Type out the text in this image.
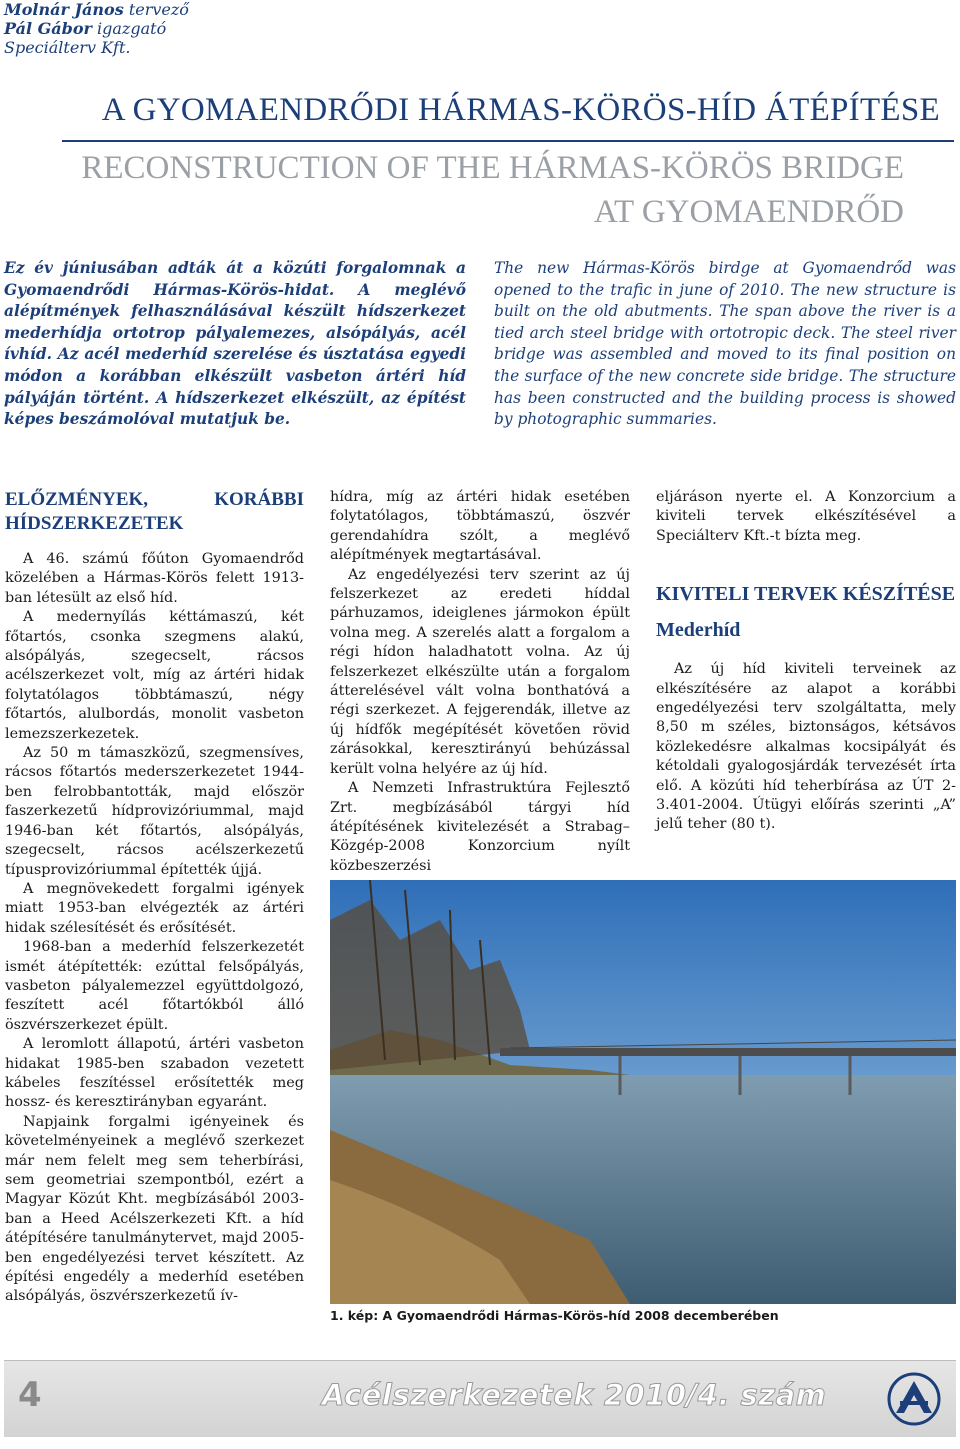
Molnár János tervező
Pál Gábor igazgató
Speciálterv Kft.
A GYOMAENDRŐDI HÁRMAS-KÖRÖS-HÍD ÁTÉPÍTÉSE
RECONSTRUCTION OF THE HÁRMAS-KÖRÖS BRIDGE
AT GYOMAENDRŐD
Ez év júniusában adták át a közúti forgalomnak a Gyomaendrődi Hármas-Körös-hidat. A meglévő alépítmények felhasználásával készült hídszerkezet mederhídja ortotrop pályalemezes, alsópályás, acél ívhíd. Az acél mederhíd szerelése és úsztatása egyedi módon a korábban elkészült vasbeton ártéri híd pályáján történt. A hídszerkezet elkészült, az építést képes beszámolóval mutatjuk be.
The new Hármas-Körös birdge at Gyomaendrőd was opened to the trafic in june of 2010. The new structure is built on the old abutments. The span above the river is a tied arch steel bridge with ortotropic deck. The steel river bridge was assembled and moved to its final position on the surface of the new concrete side bridge. The structure has been constructed and the building process is showed by photographic summaries.
ELŐZMÉNYEK, KORÁBBI HÍDSZERKEZETEK

A 46. számú főúton Gyomaendrőd közelében a Hármas-Körös felett 1913-ban létesült az első híd.

A medernyílás kéttámaszú, két főtartós, csonka szegmens alakú, alsópályás, szegecselt, rácsos acélszerkezet volt, míg az ártéri hidak folytatólagos többtámaszú, négy főtartós, alulbordás, monolit vasbeton lemezszerkezetek.

Az 50 m támaszközű, szegmensíves, rácsos főtartós mederszerkezetet 1944-ben felrobbantották, majd először faszerkezetű hídprovizóriummal, majd 1946-ban két főtartós, alsópályás, szegecselt, rácsos acélszerkezetű típusprovizóriummal építették újjá.

A megnövekedett forgalmi igények miatt 1953-ban elvégezték az ártéri hidak szélesítését és erősítését.

1968-ban a mederhíd felszerkezetét ismét átépítették: ezúttal felsőpályás, vasbeton pályalemezzel együttdolgozó, feszített acél főtartókból álló öszvérszerkezet épült.

A leromlott állapotú, ártéri vasbeton hidakat 1985-ben szabadon vezetett kábeles feszítéssel erősítették meg hossz- és keresztirányban egyaránt.

Napjaink forgalmi igényeinek és követelményeinek a meglévő szerkezet már nem felelt meg sem teherbírási, sem geometriai szempontból, ezért a Magyar Közút Kht. megbízásából 2003-ban a Heed Acélszerkezeti Kft. a híd átépítésére tanulmánytervet, majd 2005-ben engedélyezési tervet készített. Az építési engedély a mederhíd esetében alsópályás, öszvérszerkezetű ív-

hídra, míg az ártéri hidak esetében folytatólagos, többtámaszú, öszvér gerendahídra szólt, a meglévő alépítmények megtartásával.

Az engedélyezési terv szerint az új felszerkezet az eredeti híddal párhuzamos, ideiglenes jármokon épült volna meg. A szerelés alatt a forgalom a régi hídon haladhatott volna. Az új felszerkezet elkészülte után a forgalom átterelésével vált volna bonthatóvá a régi szerkezet. A fejgerendák, illetve az új hídfők megépítését követően rövid zárásokkal, keresztirányú behúzással került volna helyére az új híd.

A Nemzeti Infrastruktúra Fejlesztő Zrt. megbízásából tárgyi híd átépítésének kivitelezését a Strabag–Közgép-2008 Konzorcium nyílt közbeszerzési

eljáráson nyerte el. A Konzorcium a kiviteli tervek elkészítésével a Speciálterv Kft.-t bízta meg.

KIVITELI TERVEK KÉSZÍTÉSE
Mederhíd

Az új híd kiviteli terveinek az elkészítésére az alapot a korábbi engedélyezési terv szolgáltatta, mely 8,50 m széles, biztonságos, kétsávos közlekedésre alkalmas kocsipályát és kétoldali gyalogosjárdák tervezését írta elő. A közúti híd teherbírása az ÚT 2-3.401-2004. Útügyi előírás szerinti „A” jelű teher (80 t).

1. kép: A Gyomaendrődi Hármas-Körös-híd 2008 decemberében
4	Acélszerkezetek 2010/4. szám
